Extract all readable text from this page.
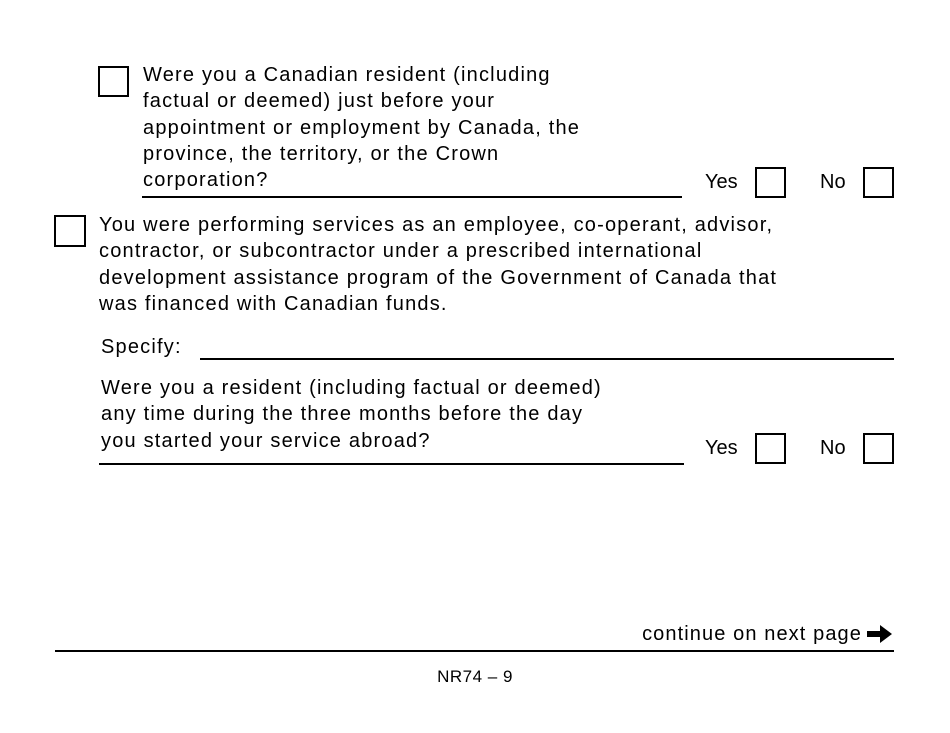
Were you a Canadian resident (including
factual or deemed) just before your
appointment or employment by Canada, the
province, the territory, or the Crown
corporation?	Yes	No
You were performing services as an employee, co-operant, advisor,
contractor, or subcontractor under a prescribed international
development assistance program of the Government of Canada that
was financed with Canadian funds.
Specify:
Were you a resident (including factual or deemed)
any time during the three months before the day
you started your service abroad?	Yes	No
continue on next page
NR74 – 9
